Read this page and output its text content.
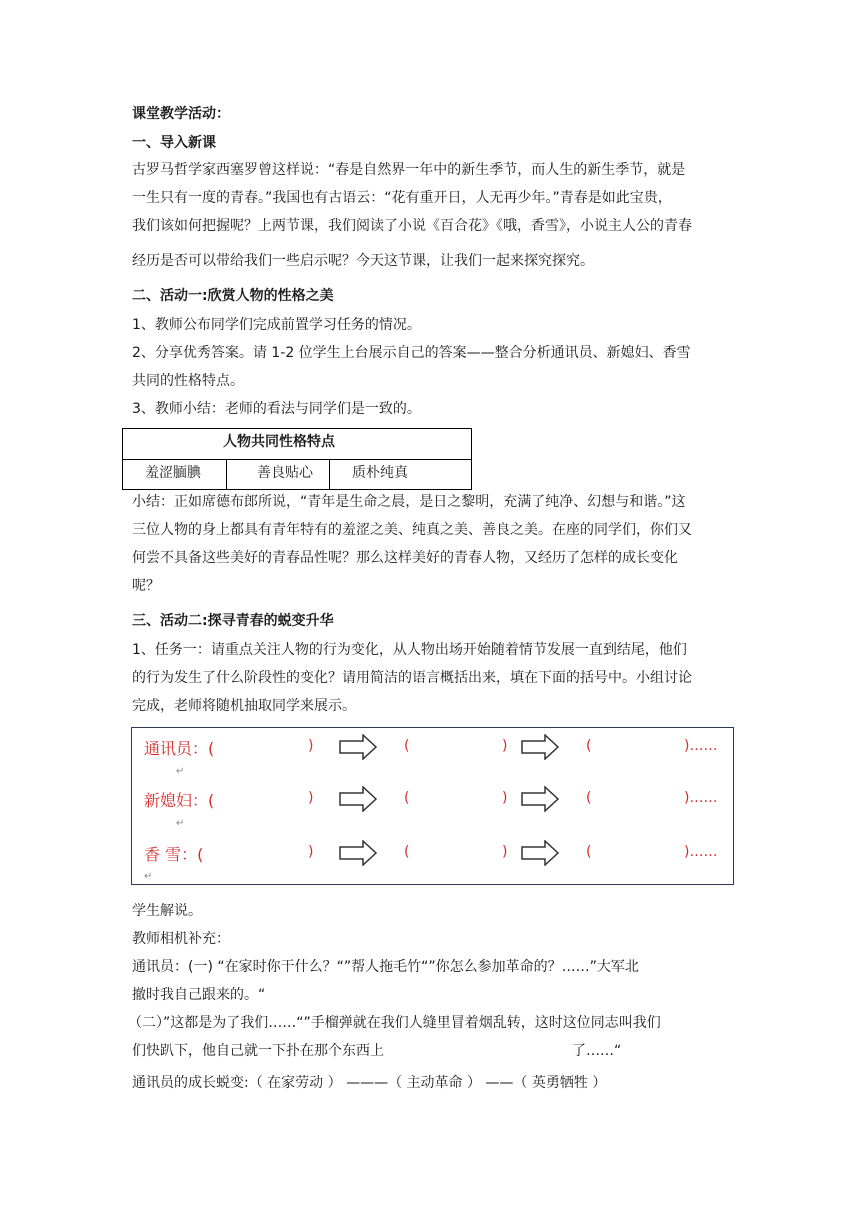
课堂教学活动：
一、导入新课
古罗马哲学家西塞罗曾这样说：“春是自然界一年中的新生季节，而人生的新生季节，就是
一生只有一度的青春。”我国也有古语云：“花有重开日，人无再少年。”青春是如此宝贵，
我们该如何把握呢？上两节课，我们阅读了小说《百合花》《哦，香雪》，小说主人公的青春
经历是否可以带给我们一些启示呢？今天这节课，让我们一起来探究探究。
二、活动一:欣赏人物的性格之美
1、教师公布同学们完成前置学习任务的情况。
2、分享优秀答案。请 1-2 位学生上台展示自己的答案——整合分析通讯员、新媳妇、香雪
共同的性格特点。
3、教师小结：老师的看法与同学们是一致的。
人物共同性格特点
羞涩腼腆	善良贴心	质朴纯真
小结：正如席德布郎所说，“青年是生命之晨，是日之黎明，充满了纯净、幻想与和谐。”这
三位人物的身上都具有青年特有的羞涩之美、纯真之美、善良之美。在座的同学们，你们又
何尝不具备这些美好的青春品性呢？那么这样美好的青春人物，又经历了怎样的成长变化
呢？
三、活动二:探寻青春的蜕变升华
1、任务一：请重点关注人物的行为变化，从人物出场开始随着情节发展一直到结尾，他们
的行为发生了什么阶段性的变化？请用简洁的语言概括出来，填在下面的括号中。小组讨论
完成，老师将随机抽取同学来展示。
通讯员：(	)	(	)	(	)……
↵
新媳妇：(	)	(	)	(	)……
↵
香 雪：(	)	(	)	(	)……
↵
学生解说。
教师相机补充：
通讯员：(一) “在家时你干什么？“”帮人拖毛竹“”你怎么参加革命的？……”大军北
撤时我自己跟来的。“
（二）”这都是为了我们……“”手榴弹就在我们人缝里冒着烟乱转，这时这位同志叫我们
们快趴下，他自己就一下扑在那个东西上	了……“
通讯员的成长蜕变:（ 在家劳动 ） ———（ 主动革命 ） ——（ 英勇牺牲 ）
